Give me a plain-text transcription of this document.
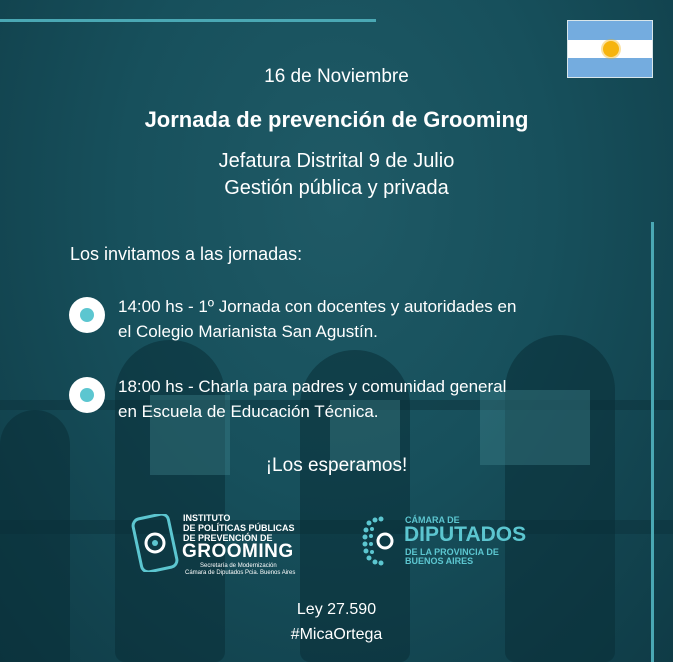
16 de Noviembre
Jornada de prevención de Grooming
Jefatura Distrital 9 de Julio
Gestión pública y privada
Los invitamos a las jornadas:
14:00 hs - 1º Jornada con docentes y autoridades en
el Colegio Marianista San Agustín.
18:00 hs - Charla para padres y comunidad general
en Escuela de Educación Técnica.
¡Los esperamos!
INSTITUTO
DE POLÍTICAS PÚBLICAS
DE PREVENCIÓN DE
GROOMING
Secretaría de Modernización
Cámara de Diputados Pcia. Buenos Aires
CÁMARA DE
DIPUTADOS
DE LA PROVINCIA DE
BUENOS AIRES
Ley 27.590
#MicaOrtega
